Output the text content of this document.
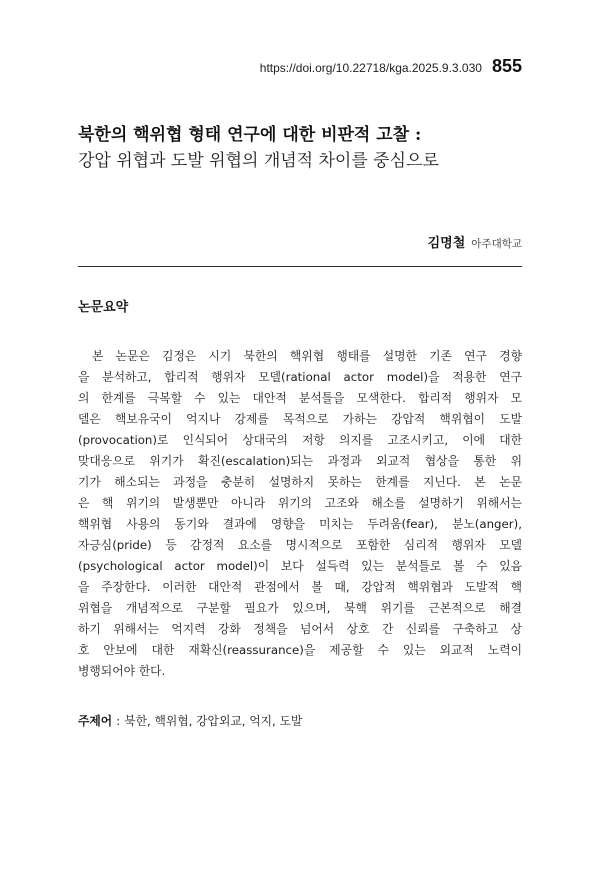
https://doi.org/10.22718/kga.2025.9.3.030 855
북한의 핵위협 형태 연구에 대한 비판적 고찰 :
강압 위협과 도발 위협의 개념적 차이를 중심으로
김명철 아주대학교
논문요약
본 논문은 김정은 시기 북한의 핵위협 행태를 설명한 기존 연구 경향
을 분석하고, 합리적 행위자 모델(rational actor model)을 적용한 연구
의 한계를 극복할 수 있는 대안적 분석틀을 모색한다. 합리적 행위자 모
델은 핵보유국이 억지나 강제를 목적으로 가하는 강압적 핵위협이 도발
(provocation)로 인식되어 상대국의 저항 의지를 고조시키고, 이에 대한
맞대응으로 위기가 확진(escalation)되는 과정과 외교적 협상을 통한 위
기가 해소되는 과정을 충분히 설명하지 못하는 한계를 지닌다. 본 논문
은 핵 위기의 발생뿐만 아니라 위기의 고조와 해소를 설명하기 위해서는
핵위협 사용의 동기와 결과에 영향을 미치는 두려움(fear), 분노(anger),
자긍심(pride) 등 감정적 요소를 명시적으로 포함한 심리적 행위자 모델
(psychological actor model)이 보다 설득력 있는 분석틀로 볼 수 있음
을 주장한다. 이러한 대안적 관점에서 볼 때, 강압적 핵위협과 도발적 핵
위협을 개념적으로 구분할 필요가 있으며, 북핵 위기를 근본적으로 해결
하기 위해서는 억지력 강화 정책을 넘어서 상호 간 신뢰를 구축하고 상
호 안보에 대한 재확신(reassurance)을 제공할 수 있는 외교적 노력이
병행되어야 한다.
주제어 : 북한, 핵위협, 강압외교, 억지, 도발
